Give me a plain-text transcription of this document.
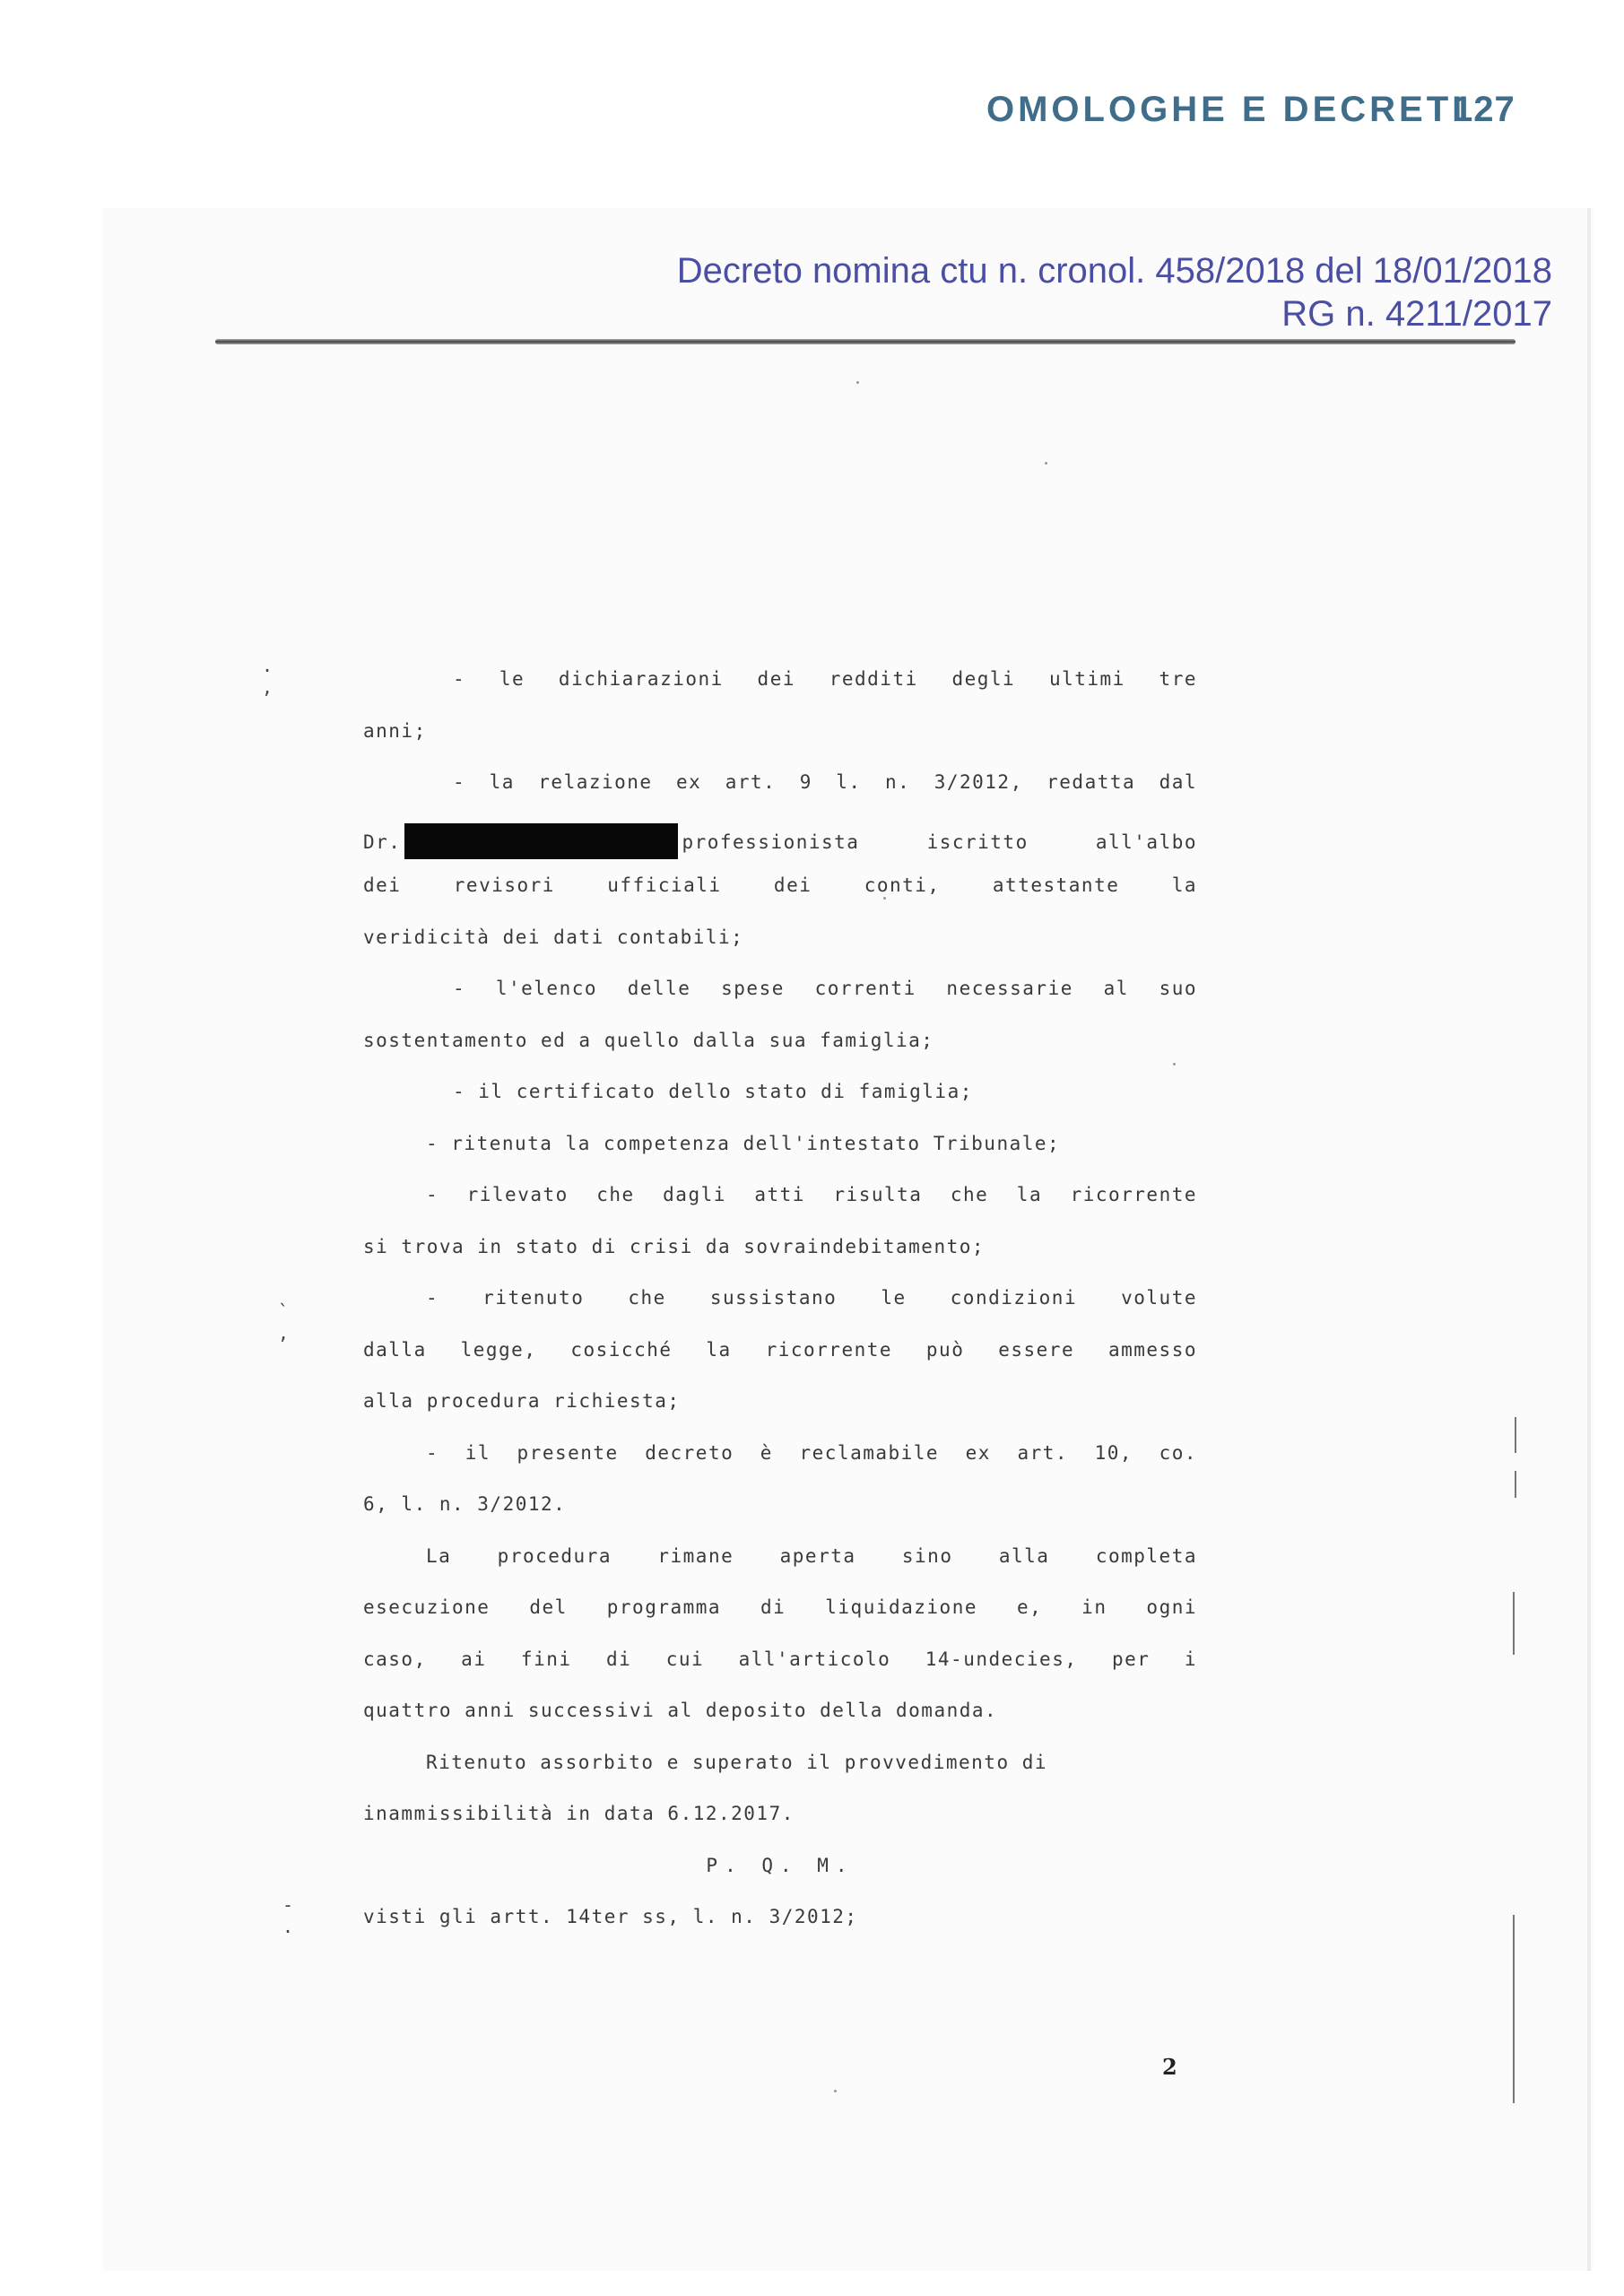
OMOLOGHE E DECRETI
127
Decreto nomina ctu n. cronol. 458/2018 del 18/01/2018
RG n. 4211/2017
- le dichiarazioni dei redditi degli ultimi tre
anni;
- la relazione ex art. 9 l. n. 3/2012, redatta dal
Dr.	professionista iscritto all'albo
dei revisori ufficiali dei conti, attestante la
veridicità dei dati contabili;
- l'elenco delle spese correnti necessarie al suo
sostentamento ed a quello dalla sua famiglia;
- il certificato dello stato di famiglia;
- ritenuta la competenza dell'intestato Tribunale;
- rilevato che dagli atti risulta che la ricorrente
si trova in stato di crisi da sovraindebitamento;
- ritenuto che sussistano le condizioni volute
dalla legge, cosicché la ricorrente può essere ammesso
alla procedura richiesta;
- il presente decreto è reclamabile ex art. 10, co.
6, l. n. 3/2012.
La procedura rimane aperta sino alla completa
esecuzione del programma di liquidazione e, in ogni
caso, ai fini di cui all'articolo 14-undecies, per i
quattro anni successivi al deposito della domanda.
Ritenuto assorbito e superato il provvedimento di
inammissibilità in data 6.12.2017.
P. Q. M.
visti gli artt. 14ter ss, l. n. 3/2012;
2
.
,
`
,
-
.
